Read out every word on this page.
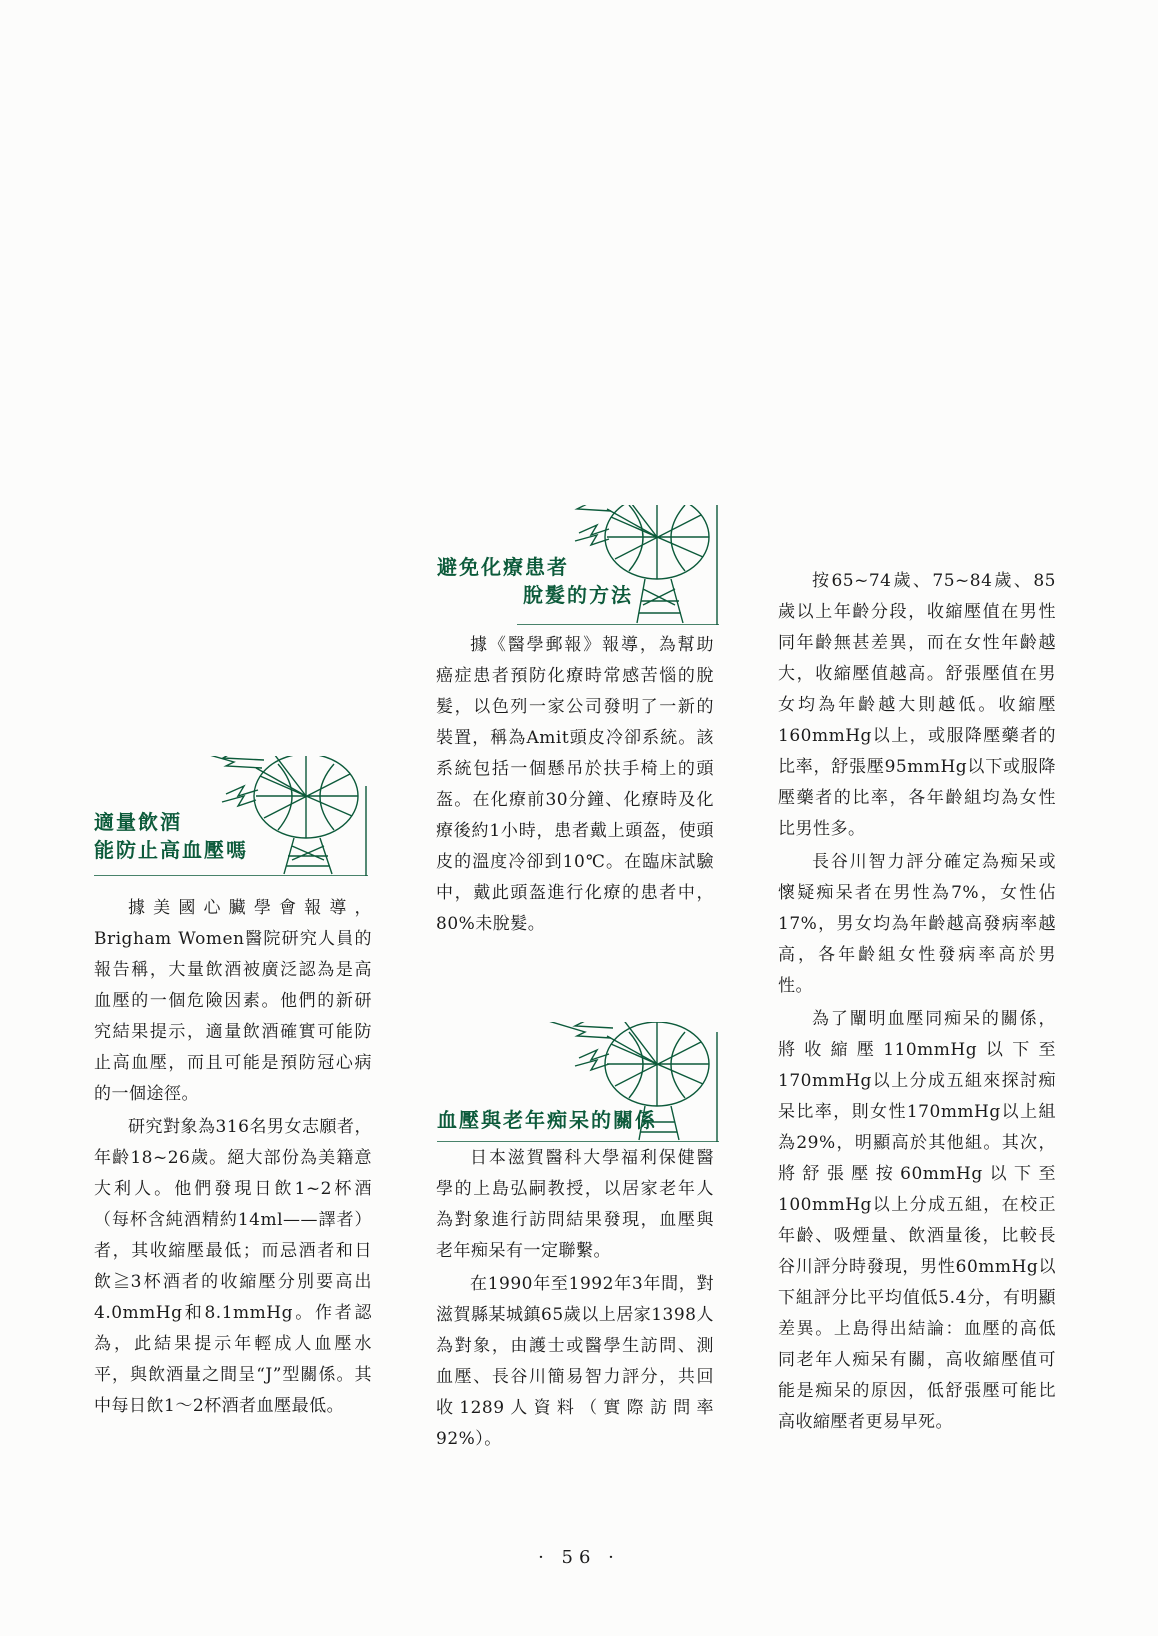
適量飲酒
能防止高血壓嗎

據美國心臟學會報導，Brigham Women醫院研究人員的報告稱，大量飲酒被廣泛認為是高血壓的一個危險因素。他們的新研究結果提示，適量飲酒確實可能防止高血壓，而且可能是預防冠心病的一個途徑。

研究對象為316名男女志願者，年齡18~26歲。絕大部份為美籍意大利人。他們發現日飲1~2杯酒（每杯含純酒精約14ml——譯者）者，其收縮壓最低；而忌酒者和日飲≧3杯酒者的收縮壓分別要高出4.0mmHg和8.1mmHg。作者認為，此結果提示年輕成人血壓水平，與飲酒量之間呈“J”型關係。其中每日飲1～2杯酒者血壓最低。

避免化療患者
脫髮的方法

據《醫學郵報》報導，為幫助癌症患者預防化療時常感苦惱的脫髮，以色列一家公司發明了一新的裝置，稱為Amit頭皮冷卻系統。該系統包括一個懸吊於扶手椅上的頭盔。在化療前30分鐘、化療時及化療後約1小時，患者戴上頭盔，使頭皮的溫度冷卻到10℃。在臨床試驗中，戴此頭盔進行化療的患者中，80%未脫髮。

血壓與老年痴呆的關係

日本滋賀醫科大學福利保健醫學的上島弘嗣教授，以居家老年人為對象進行訪問結果發現，血壓與老年痴呆有一定聯繫。

在1990年至1992年3年間，對滋賀縣某城鎮65歲以上居家1398人為對象，由護士或醫學生訪問、測血壓、長谷川簡易智力評分，共回收1289人資料（實際訪問率92%）。

按65~74歲、75~84歲、85歲以上年齡分段，收縮壓值在男性同年齡無甚差異，而在女性年齡越大，收縮壓值越高。舒張壓值在男女均為年齡越大則越低。收縮壓160mmHg以上，或服降壓藥者的比率，舒張壓95mmHg以下或服降壓藥者的比率，各年齡組均為女性比男性多。

長谷川智力評分確定為痴呆或懷疑痴呆者在男性為7%，女性佔17%，男女均為年齡越高發病率越高，各年齡組女性發病率高於男性。

為了闡明血壓同痴呆的關係，將收縮壓110mmHg以下至170mmHg以上分成五組來探討痴呆比率，則女性170mmHg以上組為29%，明顯高於其他組。其次，將舒張壓按60mmHg以下至100mmHg以上分成五組，在校正年齡、吸煙量、飲酒量後，比較長谷川評分時發現，男性60mmHg以下組評分比平均值低5.4分，有明顯差異。上島得出結論：血壓的高低同老年人痴呆有關，高收縮壓值可能是痴呆的原因，低舒張壓可能比高收縮壓者更易早死。

· 56 ·
